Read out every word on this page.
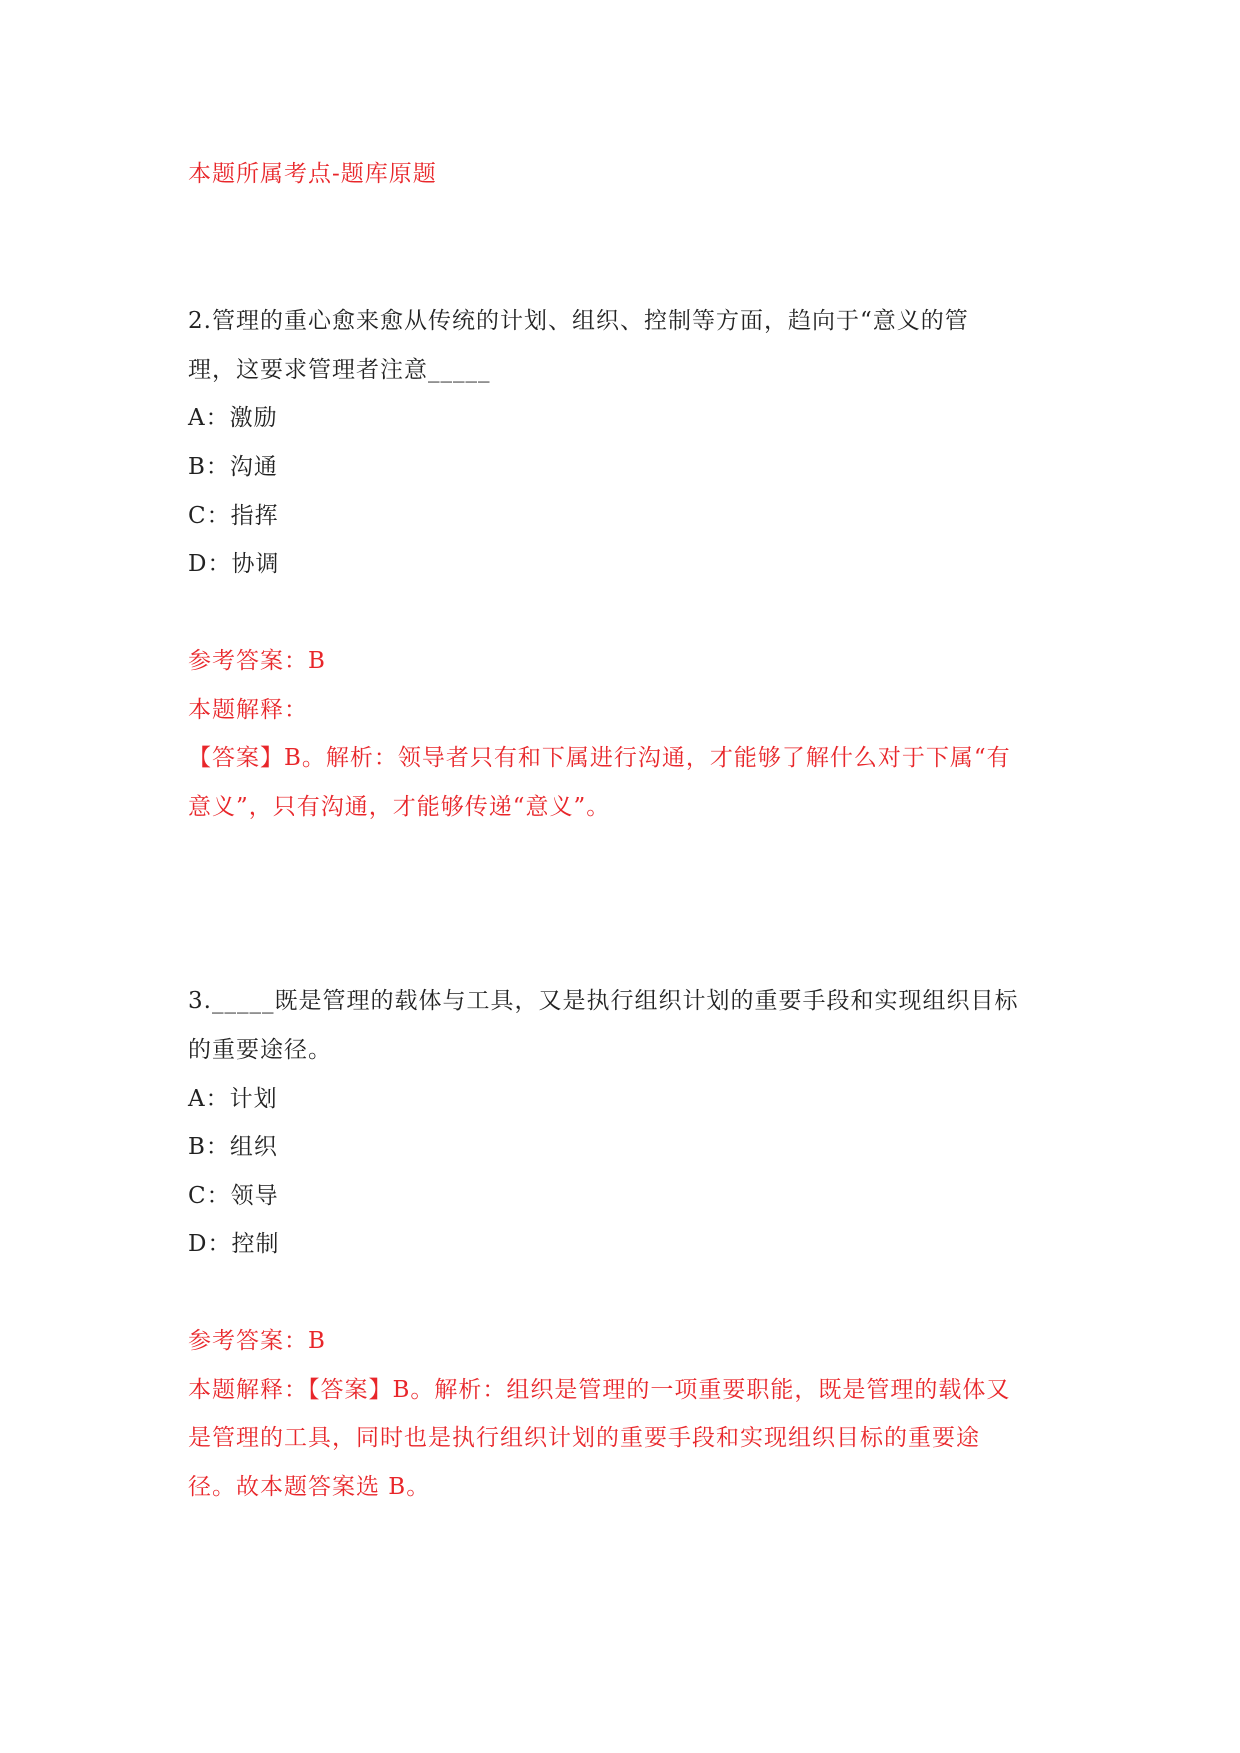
本题所属考点-题库原题
2.管理的重心愈来愈从传统的计划、组织、控制等方面，趋向于“意义的管
理，这要求管理者注意_____
A：激励
B：沟通
C：指挥
D：协调
参考答案：B
本题解释：
【答案】B。解析：领导者只有和下属进行沟通，才能够了解什么对于下属“有
意义”，只有沟通，才能够传递“意义”。
3._____既是管理的载体与工具，又是执行组织计划的重要手段和实现组织目标
的重要途径。
A：计划
B：组织
C：领导
D：控制
参考答案：B
本题解释：【答案】B。解析：组织是管理的一项重要职能，既是管理的载体又
是管理的工具，同时也是执行组织计划的重要手段和实现组织目标的重要途
径。故本题答案选 B。
